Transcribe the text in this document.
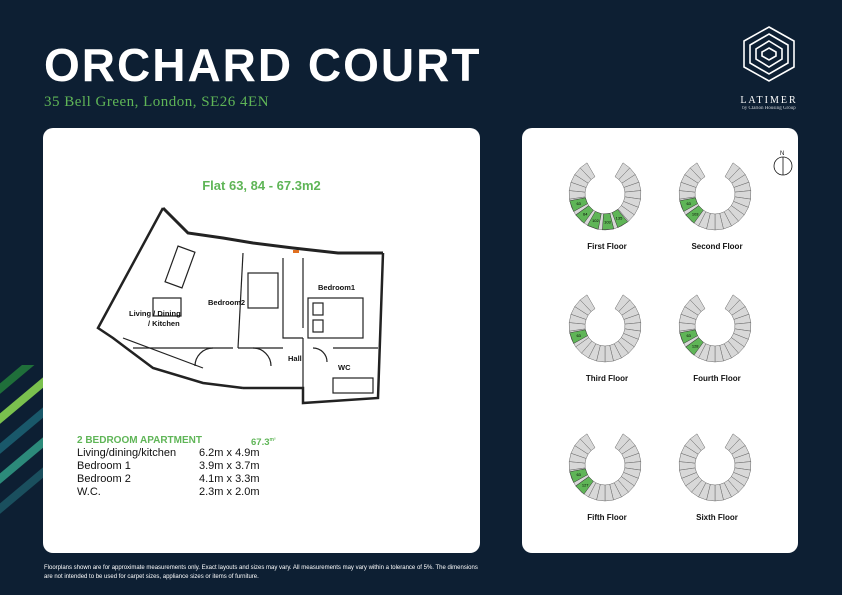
ORCHARD COURT
35 Bell Green, London, SE26 4EN	LATIMER
by Clarion Housing Group
Flat 63, 84 - 67.3m2
Living / Dining
/ Kitchen
Bedroom2
Bedroom1
Hall
WC
2 BEDROOM APARTMENT	$67.3^{m^2}$
Living/dining/kitchen	6.2m x 4.9m
Bedroom 1	3.9m x 3.7m
Bedroom 2	4.1m x 3.3m
W.C.	2.3m x 2.0m
N
63
64
102 103
135
First Floor
63
103
Second Floor
63
Third Floor
63
128
Fourth Floor
63
127
Fifth Floor	Sixth Floor
Floorplans shown are for approximate measurements only. Exact layouts and sizes may vary. All measurements may vary within a tolerance of 5%. The dimensions are not intended to be used for carpet sizes, appliance sizes or items of furniture.
